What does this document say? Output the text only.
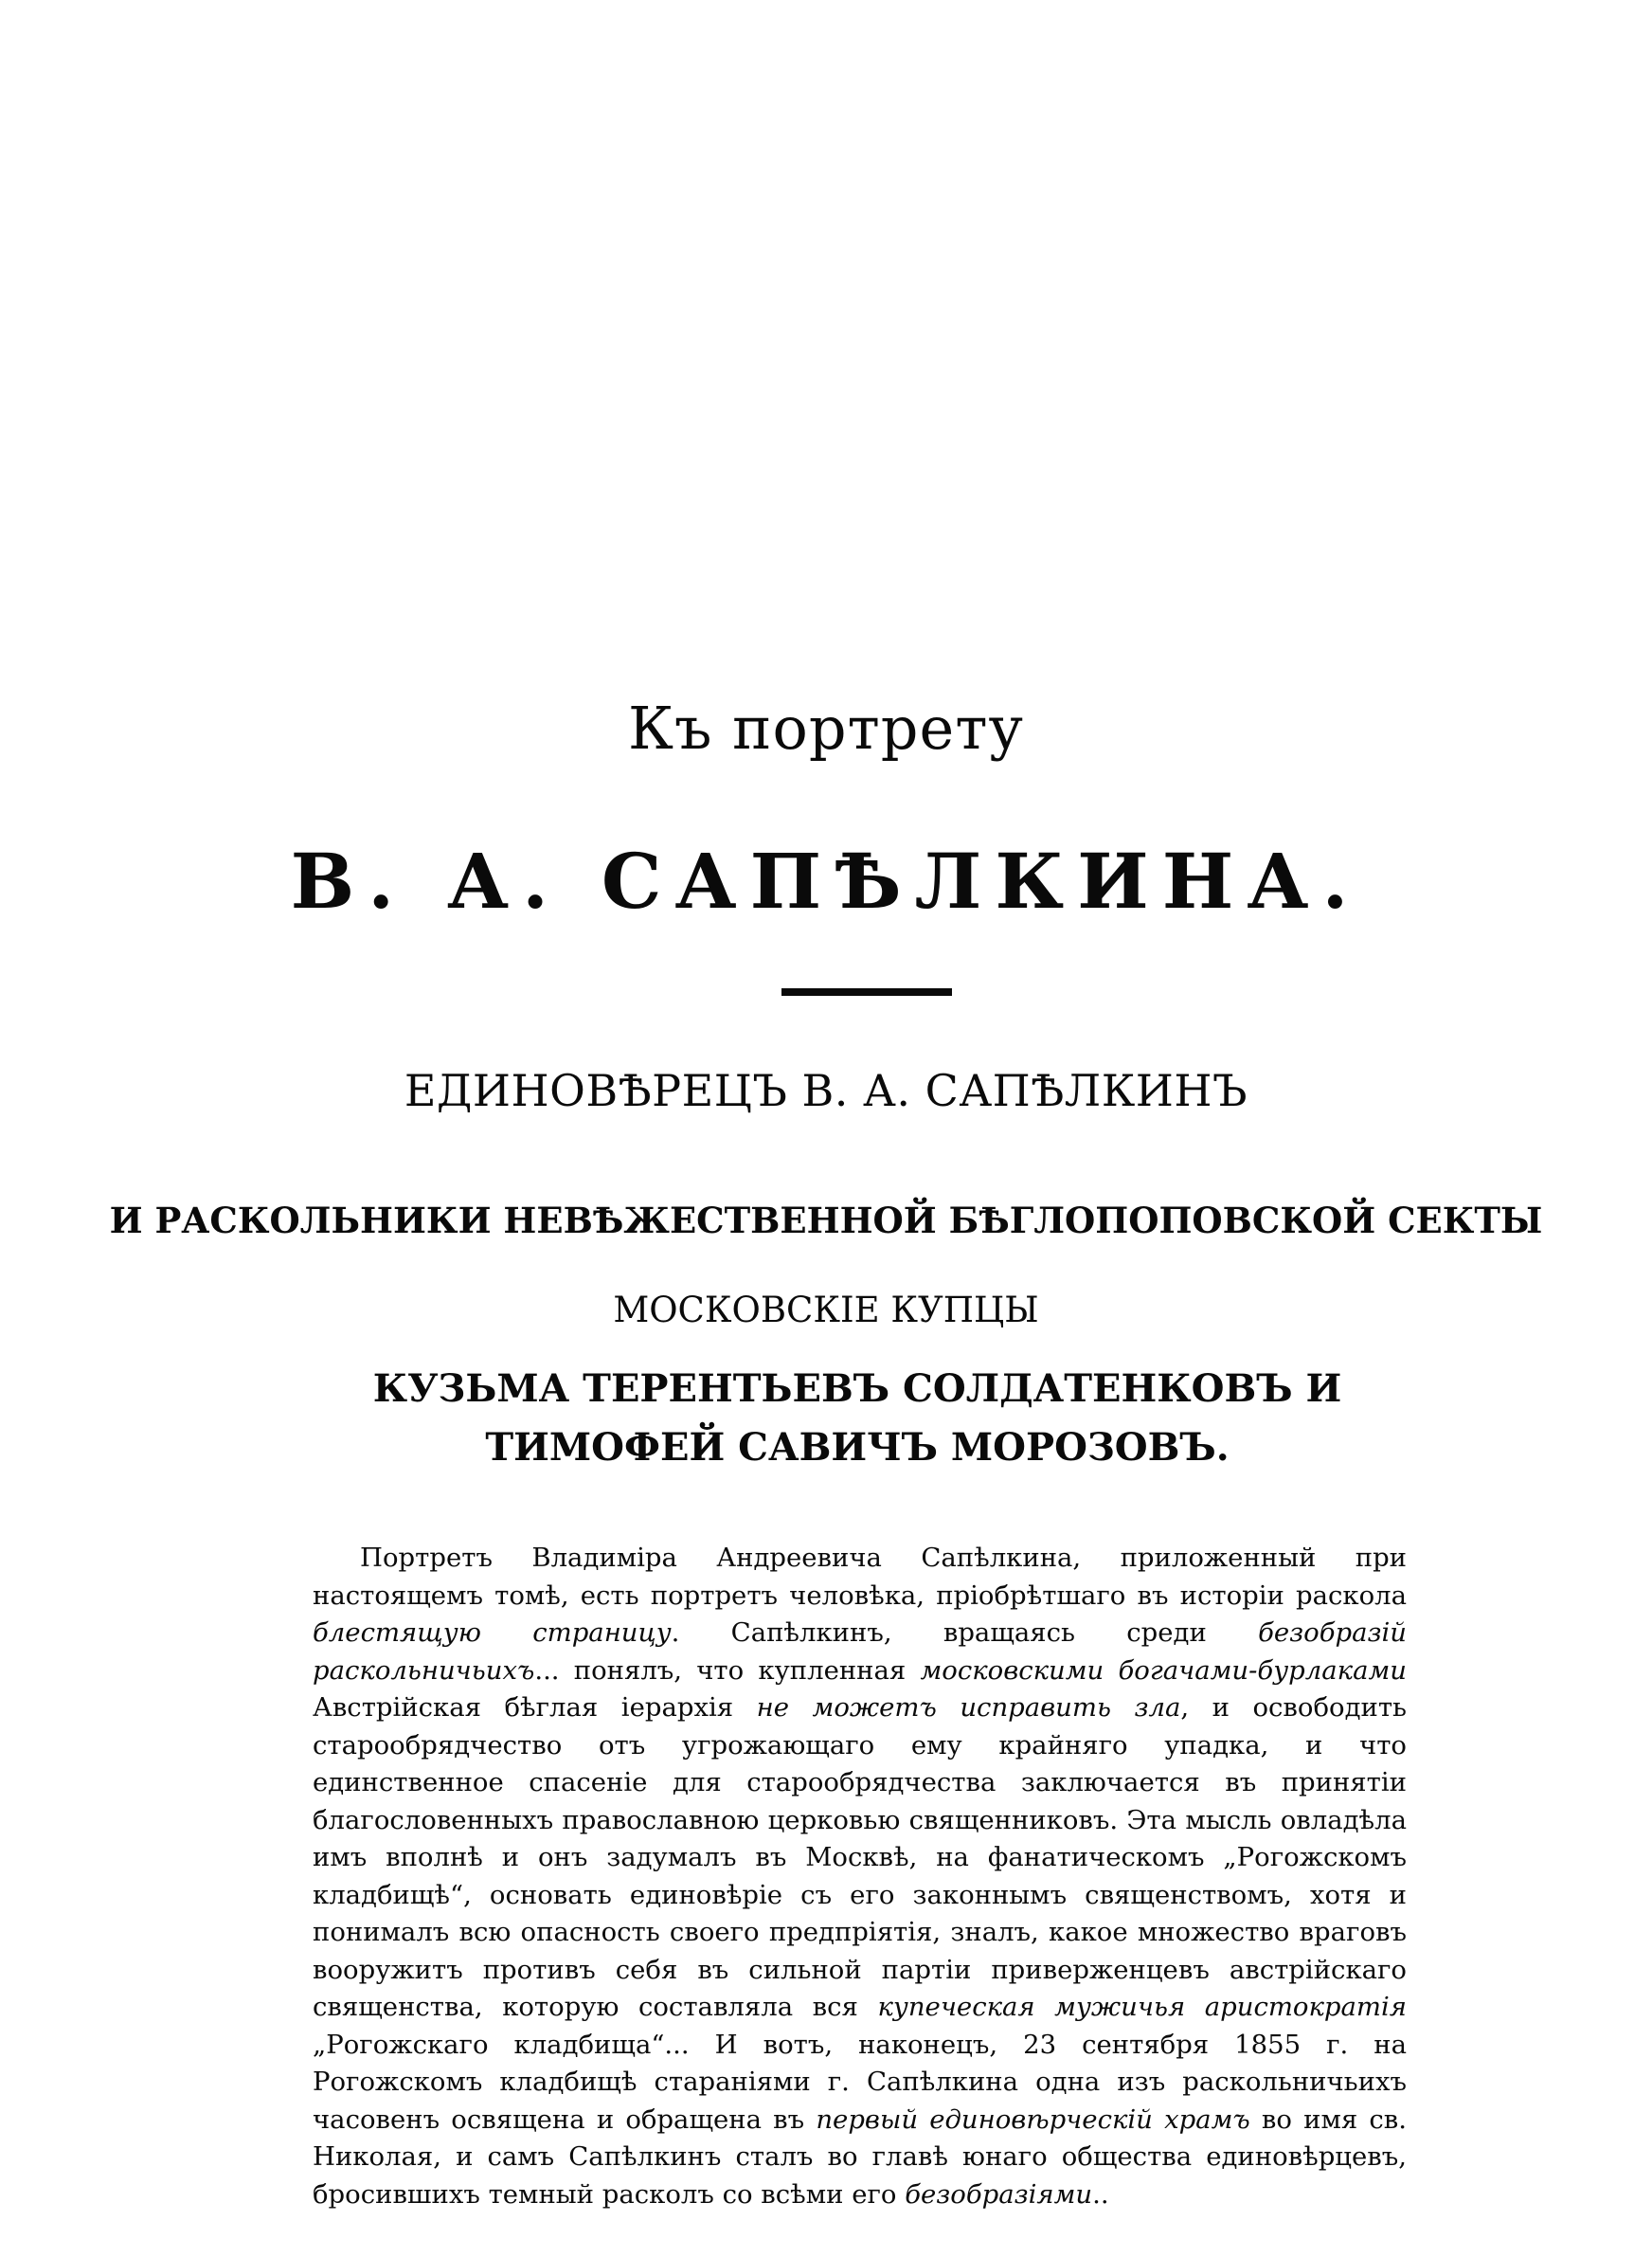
Къ портрету
В. А. САПѢЛКИНА.
ЕДИНОВѢРЕЦЪ В. А. САПѢЛКИНЪ
И РАСКОЛЬНИКИ НЕВѢЖЕСТВЕННОЙ БѢГЛОПОПОВСКОЙ СЕКТЫ
МОСКОВСКІЕ КУПЦЫ
КУЗЬМА ТЕРЕНТЬЕВЪ СОЛДАТЕНКОВЪ И ТИМОФЕЙ САВИЧЪ МОРОЗОВЪ.

Портретъ Владиміра Андреевича Сапѣлкина, приложенный при настоящемъ томѣ, есть портретъ человѣка, пріобрѣтшаго въ исторіи раскола блестящую страницу. Сапѣлкинъ, вращаясь среди безобразій раскольничьихъ... понялъ, что купленная московскими богачами-бурлаками Австрійская бѣглая іерархія не можетъ исправить зла, и освободить старообрядчество отъ угрожающаго ему крайняго упадка, и что единственное спасеніе для старообрядчества заключается въ принятіи благословенныхъ православною церковью священниковъ. Эта мысль овладѣла имъ вполнѣ и онъ задумалъ въ Москвѣ, на фанатическомъ „Рогожскомъ кладбищѣ“, основать единовѣріе съ его законнымъ священствомъ, хотя и понималъ всю опасность своего предпріятія, зналъ, какое множество враговъ вооружитъ противъ себя въ сильной партіи приверженцевъ австрійскаго священства, которую составляла вся купеческая мужичья аристократія „Рогожскаго кладбища“... И вотъ, наконецъ, 23 сентября 1855 г. на Рогожскомъ кладбищѣ стараніями г. Сапѣлкина одна изъ раскольничьихъ часовенъ освящена и обращена въ первый единовѣрческій храмъ во имя св. Николая, и самъ Сапѣлкинъ сталъ во главѣ юнаго общества единовѣрцевъ, бросившихъ темный расколъ со всѣми его безобразіями..
